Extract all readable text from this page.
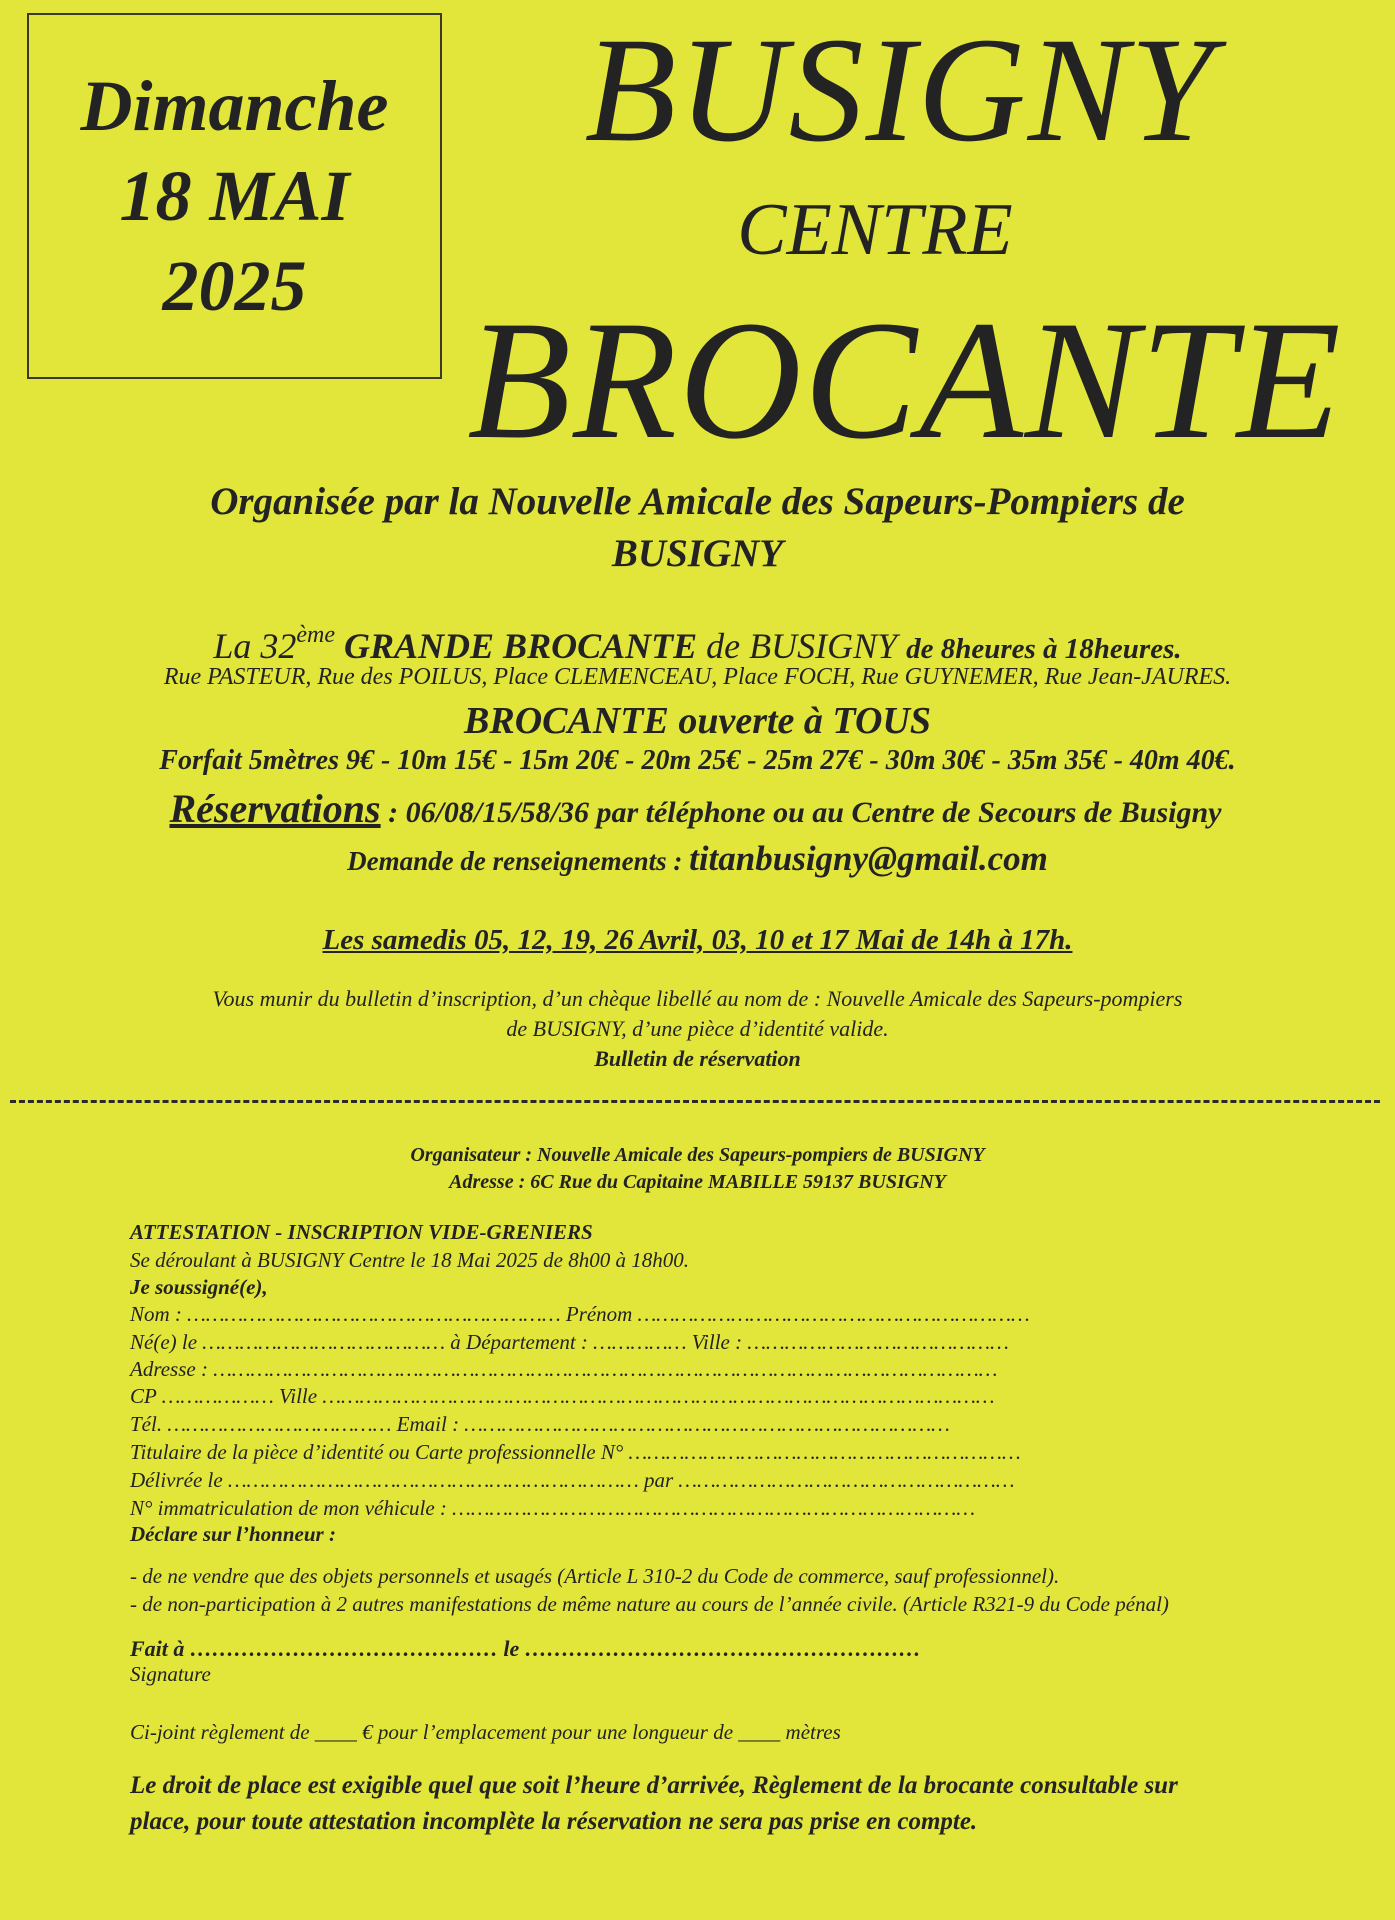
Dimanche
18 MAI
2025
BUSIGNY
CENTRE
BROCANTE
Organisée par la Nouvelle Amicale des Sapeurs-Pompiers de
BUSIGNY
La 32ème GRANDE BROCANTE de BUSIGNY de 8heures à 18heures.
Rue PASTEUR, Rue des POILUS, Place CLEMENCEAU, Place FOCH, Rue GUYNEMER, Rue Jean-JAURES.
BROCANTE ouverte à TOUS
Forfait 5mètres 9€ - 10m 15€ - 15m 20€ - 20m 25€ - 25m 27€ - 30m 30€ - 35m 35€ - 40m 40€.
Réservations : 06/08/15/58/36 par téléphone ou au Centre de Secours de Busigny
Demande de renseignements : titanbusigny@gmail.com
Les samedis 05, 12, 19, 26 Avril, 03, 10 et 17 Mai de 14h à 17h.
Vous munir du bulletin d’inscription, d’un chèque libellé au nom de : Nouvelle Amicale des Sapeurs-pompiers
de BUSIGNY, d’une pièce d’identité valide.
Bulletin de réservation
Organisateur : Nouvelle Amicale des Sapeurs-pompiers de BUSIGNY
Adresse : 6C Rue du Capitaine MABILLE 59137 BUSIGNY
ATTESTATION - INSCRIPTION VIDE-GRENIERS
Se déroulant à BUSIGNY Centre le 18 Mai 2025 de 8h00 à 18h00.
Je soussigné(e),
Nom : …………………………………………………… Prénom ………………………………………………………
Né(e) le ………………………………… à Département : …………… Ville : ……………………………………
Adresse : ………………………………………………………………………………………………………………
CP ……………… Ville ………………………………………………………………………………………………
Tél. ……………………………… Email : ……………………………………………………………………
Titulaire de la pièce d’identité ou Carte professionnelle N° ………………………………………………………
Délivrée le ………………………………………………………… par ………………………………………………
N° immatriculation de mon véhicule : …………………………………………………………………………
Déclare sur l’honneur :
- de ne vendre que des objets personnels et usagés (Article L 310-2 du Code de commerce, sauf professionnel).
- de non-participation à 2 autres manifestations de même nature au cours de l’année civile. (Article R321-9 du Code pénal)
Fait à …………………………………… le ………………………………………………
Signature
Ci-joint règlement de ____ € pour l’emplacement pour une longueur de ____ mètres
Le droit de place est exigible quel que soit l’heure d’arrivée, Règlement de la brocante consultable sur
place, pour toute attestation incomplète la réservation ne sera pas prise en compte.
